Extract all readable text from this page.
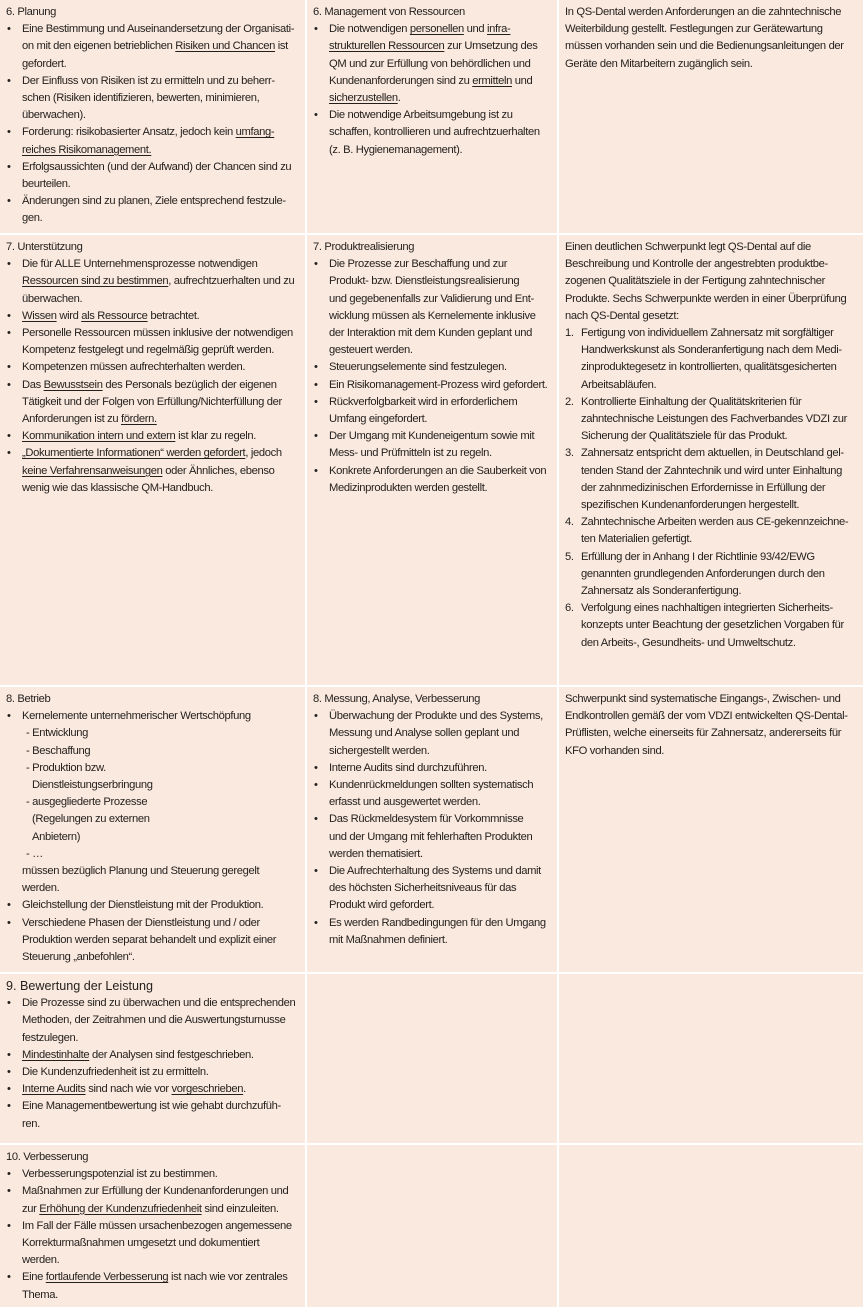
6. Planung
• Eine Bestimmung und Auseinandersetzung der Organisati-
on mit den eigenen betrieblichen Risiken und Chancen ist
gefordert.
• Der Einfluss von Risiken ist zu ermitteln und zu beherr-
schen (Risiken identifizieren, bewerten, minimieren,
überwachen).
• Forderung: risikobasierter Ansatz, jedoch kein umfang-
reiches Risikomanagement.
• Erfolgsaussichten (und der Aufwand) der Chancen sind zu
beurteilen.
• Änderungen sind zu planen, Ziele entsprechend festzule-
gen.
6. Management von Ressourcen
• Die notwendigen personellen und infra-
strukturellen Ressourcen zur Umsetzung des
QM und zur Erfüllung von behördlichen und
Kundenanforderungen sind zu ermitteln und
sicherzustellen.
• Die notwendige Arbeitsumgebung ist zu
schaffen, kontrollieren und aufrechtzuerhalten
(z. B. Hygienemanagement).
In QS-Dental werden Anforderungen an die zahntechnische
Weiterbildung gestellt. Festlegungen zur Gerätewartung
müssen vorhanden sein und die Bedienungsanleitungen der
Geräte den Mitarbeitern zugänglich sein.
7. Unterstützung
• Die für ALLE Unternehmensprozesse notwendigen
Ressourcen sind zu bestimmen, aufrechtzuerhalten und zu
überwachen.
• Wissen wird als Ressource betrachtet.
• Personelle Ressourcen müssen inklusive der notwendigen
Kompetenz festgelegt und regelmäßig geprüft werden.
• Kompetenzen müssen aufrechterhalten werden.
• Das Bewusstsein des Personals bezüglich der eigenen
Tätigkeit und der Folgen von Erfüllung/Nichterfüllung der
Anforderungen ist zu fördern.
• Kommunikation intern und extern ist klar zu regeln.
• „Dokumentierte Informationen“ werden gefordert, jedoch
keine Verfahrensanweisungen oder Ähnliches, ebenso
wenig wie das klassische QM-Handbuch.
7. Produktrealisierung
• Die Prozesse zur Beschaffung und zur
Produkt- bzw. Dienstleistungsrealisierung
und gegebenenfalls zur Validierung und Ent-
wicklung müssen als Kernelemente inklusive
der Interaktion mit dem Kunden geplant und
gesteuert werden.
• Steuerungselemente sind festzulegen.
• Ein Risikomanagement-Prozess wird gefordert.
• Rückverfolgbarkeit wird in erforderlichem
Umfang eingefordert.
• Der Umgang mit Kundeneigentum sowie mit
Mess- und Prüfmitteln ist zu regeln.
• Konkrete Anforderungen an die Sauberkeit von
Medizinprodukten werden gestellt.
Einen deutlichen Schwerpunkt legt QS-Dental auf die
Beschreibung und Kontrolle der angestrebten produktbe-
zogenen Qualitätsziele in der Fertigung zahntechnischer
Produkte. Sechs Schwerpunkte werden in einer Überprüfung
nach QS-Dental gesetzt:
1. Fertigung von individuellem Zahnersatz mit sorgfältiger
Handwerkskunst als Sonderanfertigung nach dem Medi-
zinproduktegesetz in kontrollierten, qualitätsgesicherten
Arbeitsabläufen.
2. Kontrollierte Einhaltung der Qualitätskriterien für
zahntechnische Leistungen des Fachverbandes VDZI zur
Sicherung der Qualitätsziele für das Produkt.
3. Zahnersatz entspricht dem aktuellen, in Deutschland gel-
tenden Stand der Zahntechnik und wird unter Einhaltung
der zahnmedizinischen Erfordernisse in Erfüllung der
spezifischen Kundenanforderungen hergestellt.
4. Zahntechnische Arbeiten werden aus CE-gekennzeichne-
ten Materialien gefertigt.
5. Erfüllung der in Anhang I der Richtlinie 93/42/EWG
genannten grundlegenden Anforderungen durch den
Zahnersatz als Sonderanfertigung.
6. Verfolgung eines nachhaltigen integrierten Sicherheits-
konzepts unter Beachtung der gesetzlichen Vorgaben für
den Arbeits-, Gesundheits- und Umweltschutz.
8. Betrieb
• Kernelemente unternehmerischer Wertschöpfung
- Entwicklung
- Beschaffung
- Produktion bzw.
Dienstleistungserbringung
- ausgegliederte Prozesse
(Regelungen zu externen
Anbietern)
- …
müssen bezüglich Planung und Steuerung geregelt
werden.
• Gleichstellung der Dienstleistung mit der Produktion.
• Verschiedene Phasen der Dienstleistung und / oder
Produktion werden separat behandelt und explizit einer
Steuerung „anbefohlen“.
8. Messung, Analyse, Verbesserung
• Überwachung der Produkte und des Systems,
Messung und Analyse sollen geplant und
sichergestellt werden.
• Interne Audits sind durchzuführen.
• Kundenrückmeldungen sollten systematisch
erfasst und ausgewertet werden.
• Das Rückmeldesystem für Vorkommnisse
und der Umgang mit fehlerhaften Produkten
werden thematisiert.
• Die Aufrechterhaltung des Systems und damit
des höchsten Sicherheitsniveaus für das
Produkt wird gefordert.
• Es werden Randbedingungen für den Umgang
mit Maßnahmen definiert.
Schwerpunkt sind systematische Eingangs-, Zwischen- und
Endkontrollen gemäß der vom VDZI entwickelten QS-Dental-
Prüflisten, welche einerseits für Zahnersatz, andererseits für
KFO vorhanden sind.
9. Bewertung der Leistung
• Die Prozesse sind zu überwachen und die entsprechenden
Methoden, der Zeitrahmen und die Auswertungsturnusse
festzulegen.
• Mindestinhalte der Analysen sind festgeschrieben.
• Die Kundenzufriedenheit ist zu ermitteln.
• Interne Audits sind nach wie vor vorgeschrieben.
• Eine Managementbewertung ist wie gehabt durchzufüh-
ren.
10. Verbesserung
• Verbesserungspotenzial ist zu bestimmen.
• Maßnahmen zur Erfüllung der Kundenanforderungen und
zur Erhöhung der Kundenzufriedenheit sind einzuleiten.
• Im Fall der Fälle müssen ursachenbezogen angemessene
Korrekturmaßnahmen umgesetzt und dokumentiert
werden.
• Eine fortlaufende Verbesserung ist nach wie vor zentrales
Thema.
